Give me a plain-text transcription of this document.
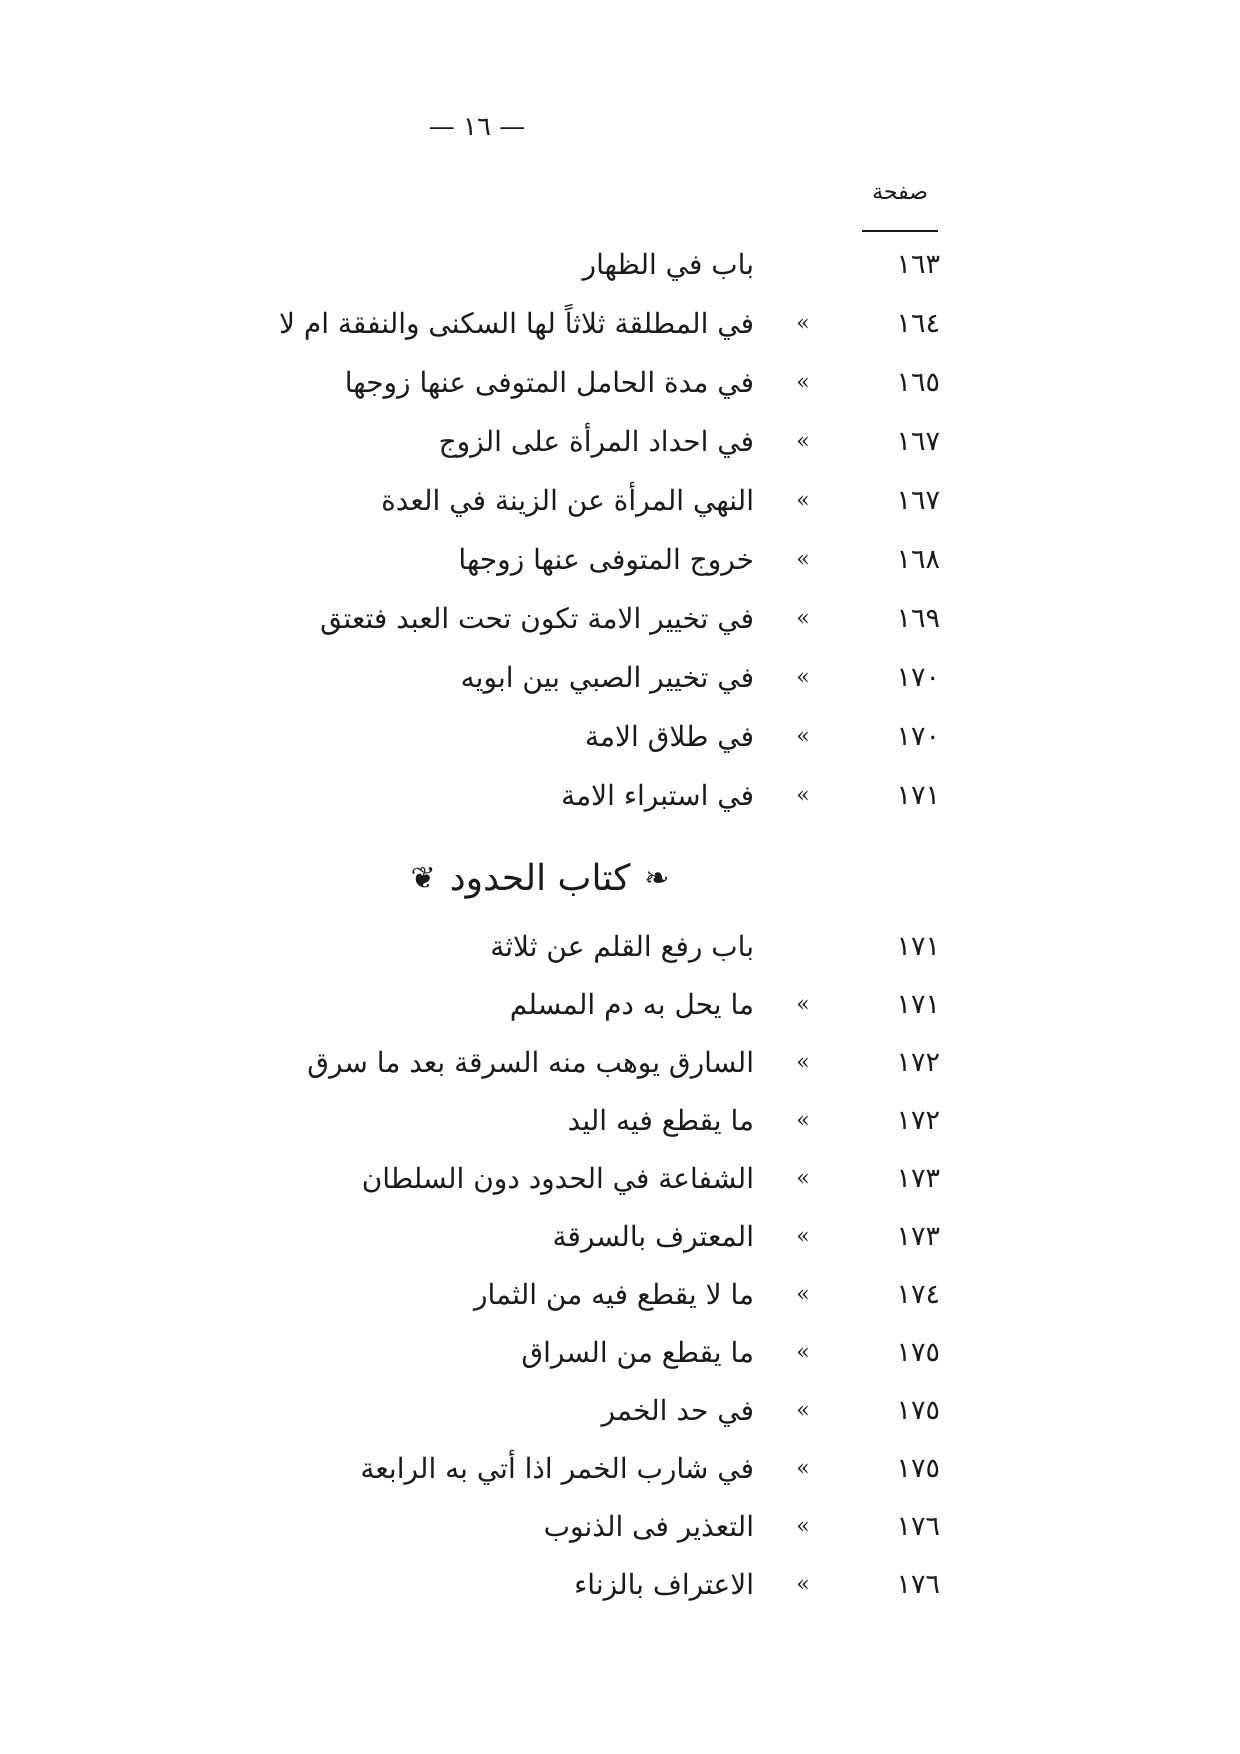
— ١٦ —
صفحة
١٦٣
باب في الظهار
١٦٤
»
في المطلقة ثلاثاً لها السكنى والنفقة ام لا
١٦٥
»
في مدة الحامل المتوفى عنها زوجها
١٦٧
»
في احداد المرأة على الزوج
١٦٧
»
النهي المرأة عن الزينة في العدة
١٦٨
»
خروج المتوفى عنها زوجها
١٦٩
»
في تخيير الامة تكون تحت العبد فتعتق
١٧٠
»
في تخيير الصبي بين ابويه
١٧٠
»
في طلاق الامة
١٧١
»
في استبراء الامة
❧
كتاب الحدود
❦
١٧١
باب رفع القلم عن ثلاثة
١٧١
»
ما يحل به دم المسلم
١٧٢
»
السارق يوهب منه السرقة بعد ما سرق
١٧٢
»
ما يقطع فيه اليد
١٧٣
»
الشفاعة في الحدود دون السلطان
١٧٣
»
المعترف بالسرقة
١٧٤
»
ما لا يقطع فيه من الثمار
١٧٥
»
ما يقطع من السراق
١٧٥
»
في حد الخمر
١٧٥
»
في شارب الخمر اذا أتي به الرابعة
١٧٦
»
التعذير فى الذنوب
١٧٦
»
الاعتراف بالزناء
